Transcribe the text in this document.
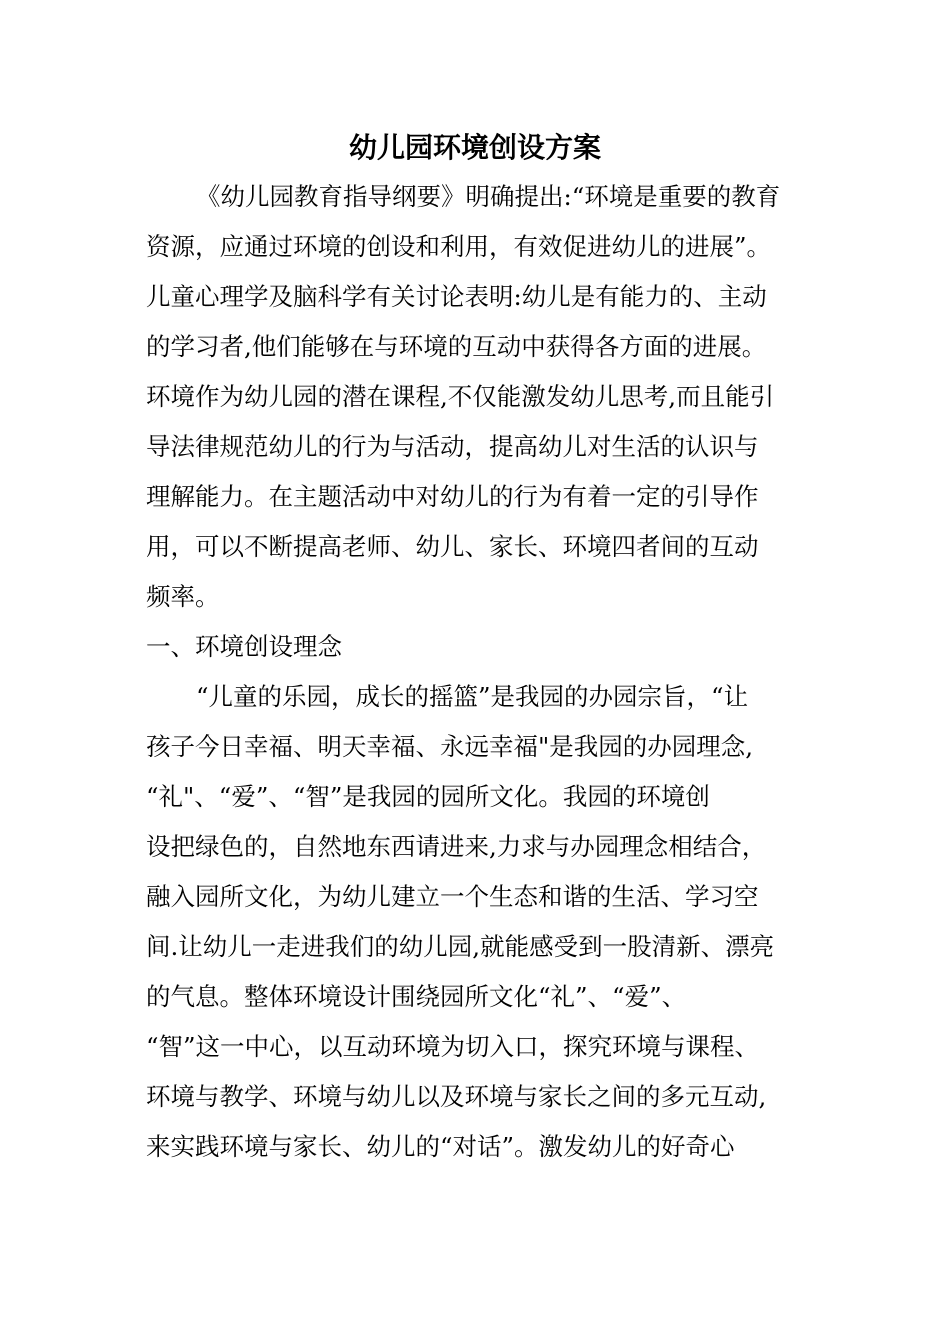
幼儿园环境创设方案

《幼儿园教育指导纲要》明确提出:“环境是重要的教育

资源，应通过环境的创设和利用，有效促进幼儿的进展”。

儿童心理学及脑科学有关讨论表明:幼儿是有能力的、主动

的学习者,他们能够在与环境的互动中获得各方面的进展。

环境作为幼儿园的潜在课程,不仅能激发幼儿思考,而且能引

导法律规范幼儿的行为与活动，提高幼儿对生活的认识与

理解能力。在主题活动中对幼儿的行为有着一定的引导作

用，可以不断提高老师、幼儿、家长、环境四者间的互动

频率。

一、环境创设理念

“儿童的乐园，成长的摇篮”是我园的办园宗旨，“让

孩子今日幸福、明天幸福、永远幸福"是我园的办园理念,

“礼"、“爱”、“智”是我园的园所文化。我园的环境创

设把绿色的，自然地东西请进来,力求与办园理念相结合，

融入园所文化，为幼儿建立一个生态和谐的生活、学习空

间.让幼儿一走进我们的幼儿园,就能感受到一股清新、漂亮

的气息。整体环境设计围绕园所文化“礼”、“爱”、

“智”这一中心，以互动环境为切入口，探究环境与课程、

环境与教学、环境与幼儿以及环境与家长之间的多元互动,

来实践环境与家长、幼儿的“对话”。激发幼儿的好奇心
